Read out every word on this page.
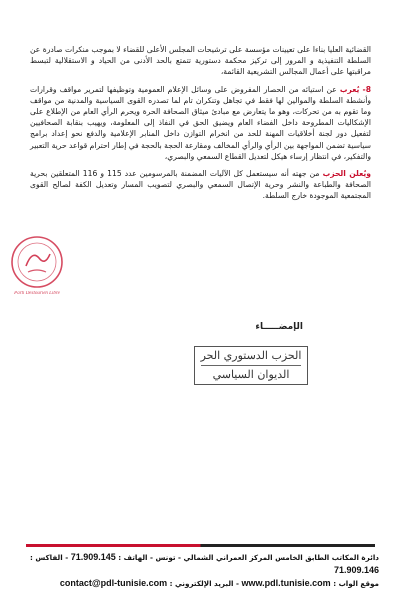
القضائية العليا بناءا على تعيينات مؤسسة على ترشيحات المجلس الأعلى للقضاء لا بموجب منكرات صادرة عن السلطة التنفيذية و المرور إلى تركيز محكمة دستورية تتمتع بالحد الأدنى من الحياد و الاستقلالية لتبسط مراقبتها على أعمال المجالس التشريعية القائمة،

8- يُعرب عن استيائه من الحصار المفروض على وسائل الإعلام العمومية وتوظيفها لتمرير مواقف وقرارات وأنشطة السلطة والموالين لها فقط في تجاهل وتنكران تام لما تصدره القوى السياسية والمدنية من مواقف وما تقوم به من تحركات، وهو ما يتعارض مع مبادئ ميثاق الصحافة الحرة ويحرم الرأي العام من الإطلاع على الإشكاليات المطروحة داخل الفضاء العام ويضيق الحق في النفاذ إلى المعلومة، ويهيب بنقابة الصحافيين لتفعيل دور لجنة أخلاقيات المهنة للحد من انخرام التوازن داخل المنابر الإعلامية والدفع نحو إعداد برامج سياسية تضمن المواجهة بين الرأي والرأي المخالف ومقارعة الحجة بالحجة في إطار احترام قواعد حرية التعبير والتفكير، في انتظار إرساء هيكل لتعديل القطاع السمعي والبصري،

ويُعلن الحزب من جهته أنه سيستعمل كل الآليات المضمنة بالمرسومين عدد 115 و 116 المتعلقين بحرية الصحافة والطباعة والنشر وحرية الإتصال السمعي والبصري لتصويب المسار وتعديل الكفة لصالح القوى المجتمعية الموجودة خارج السلطة.

Parti Destourien Libre
الإمضـــــاء
الحزب الدستوري الحر
الديوان السياسي
دائرة المكاتب الطابق الخامس المركز العمراني الشمالي - تونس - الهاتف : 71.909.145 - الفاكس : 71.909.146
موقع الواب : www.pdl.tunisie.com - البريد الإلكتروني : contact@pdl-tunisie.com
